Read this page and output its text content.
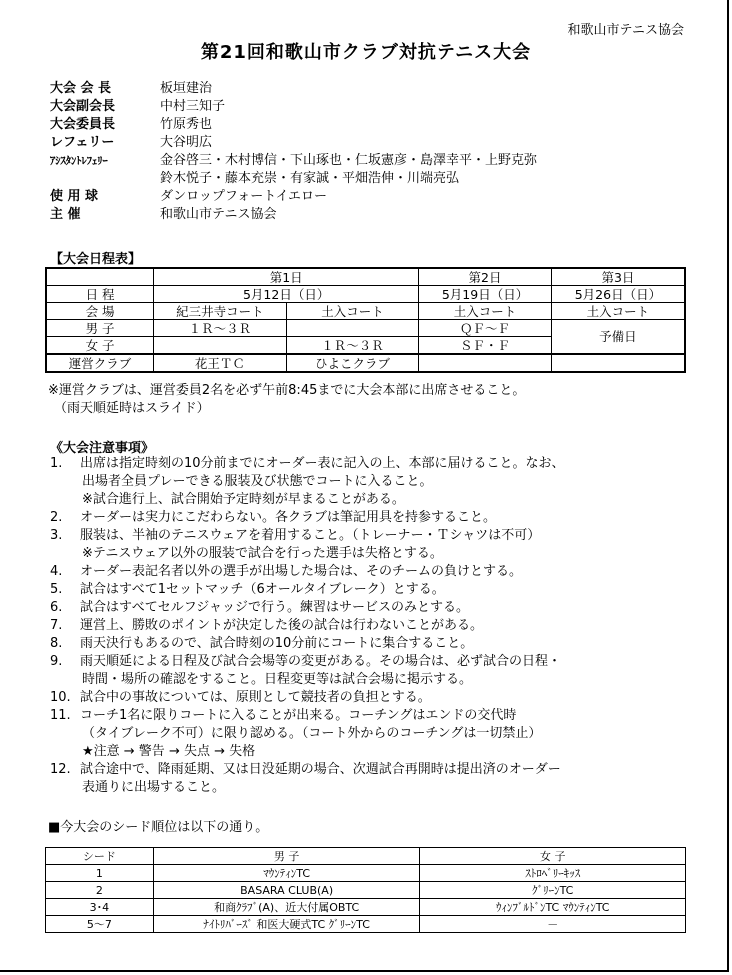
和歌山市テニス協会
第21回和歌山市クラブ対抗テニス大会
大会 会 長	板垣建治
大会副会長	中村三知子
大会委員長	竹原秀也
レフェリー	大谷明広
ｱｼｽﾀﾝﾄﾚﾌｪﾘｰ	金谷啓三・木村博信・下山琢也・仁坂憲彦・島澤幸平・上野克弥
鈴木悦子・藤本充崇・有家誠・平畑浩伸・川端亮弘
使 用 球	ダンロップフォートイエロー
主 催	和歌山市テニス協会
【大会日程表】
	第1日		第2日	第3日
日 程	5月12日（日）		5月19日（日）	5月26日（日）
会 場	紀三井寺コート	土入コート	土入コート	土入コート
男 子	１Ｒ～３Ｒ		ＱＦ～Ｆ	予備日
女 子		１Ｒ～３Ｒ	ＳＦ・Ｆ	
運営クラブ	花王ＴＣ	ひよこクラブ		
※運営クラブは、運営委員2名を必ず午前8:45までに大会本部に出席させること。
（雨天順延時はスライド）
《大会注意事項》
1.	出席は指定時刻の10分前までにオーダー表に記入の上、本部に届けること。なお、
出場者全員プレーできる服装及び状態でコートに入ること。
※試合進行上、試合開始予定時刻が早まることがある。
2.	オーダーは実力にこだわらない。各クラブは筆記用具を持参すること。
3.	服装は、半袖のテニスウェアを着用すること。（トレーナー・Ｔシャツは不可）
※テニスウェア以外の服装で試合を行った選手は失格とする。
4.	オーダー表記名者以外の選手が出場した場合は、そのチームの負けとする。
5.	試合はすべて1セットマッチ（6オールタイブレーク）とする。
6.	試合はすべてセルフジャッジで行う。練習はサービスのみとする。
7.	運営上、勝敗のポイントが決定した後の試合は行わないことがある。
8.	雨天決行もあるので、試合時刻の10分前にコートに集合すること。
9.	雨天順延による日程及び試合会場等の変更がある。その場合は、必ず試合の日程・
時間・場所の確認をすること。日程変更等は試合会場に掲示する。
10. 試合中の事故については、原則として競技者の負担とする。
11. コーチ1名に限りコートに入ることが出来る。コーチングはエンドの交代時
（タイブレーク不可）に限り認める。（コート外からのコーチングは一切禁止）
★注意 → 警告 → 失点 → 失格
12. 試合途中で、降雨延期、又は日没延期の場合、次週試合再開時は提出済のオーダー
表通りに出場すること。
■今大会のシード順位は以下の通り。
シード	男 子	女 子
1	ﾏｳﾝﾃｨﾝTC	ｽﾄﾛﾍﾞﾘｰｷｯｽ
2	BASARA CLUB(A)	ｸﾞﾘｰﾝTC
3･4	和商ｸﾗﾌﾞ(A)、近大付属OBTC	ｳｨﾝﾌﾞﾙﾄﾞﾝTC ﾏｳﾝﾃｨﾝTC
5～7	ﾅｲﾄﾘﾊﾞｰｽﾞ 和医大硬式TC ｸﾞﾘｰﾝTC	－
